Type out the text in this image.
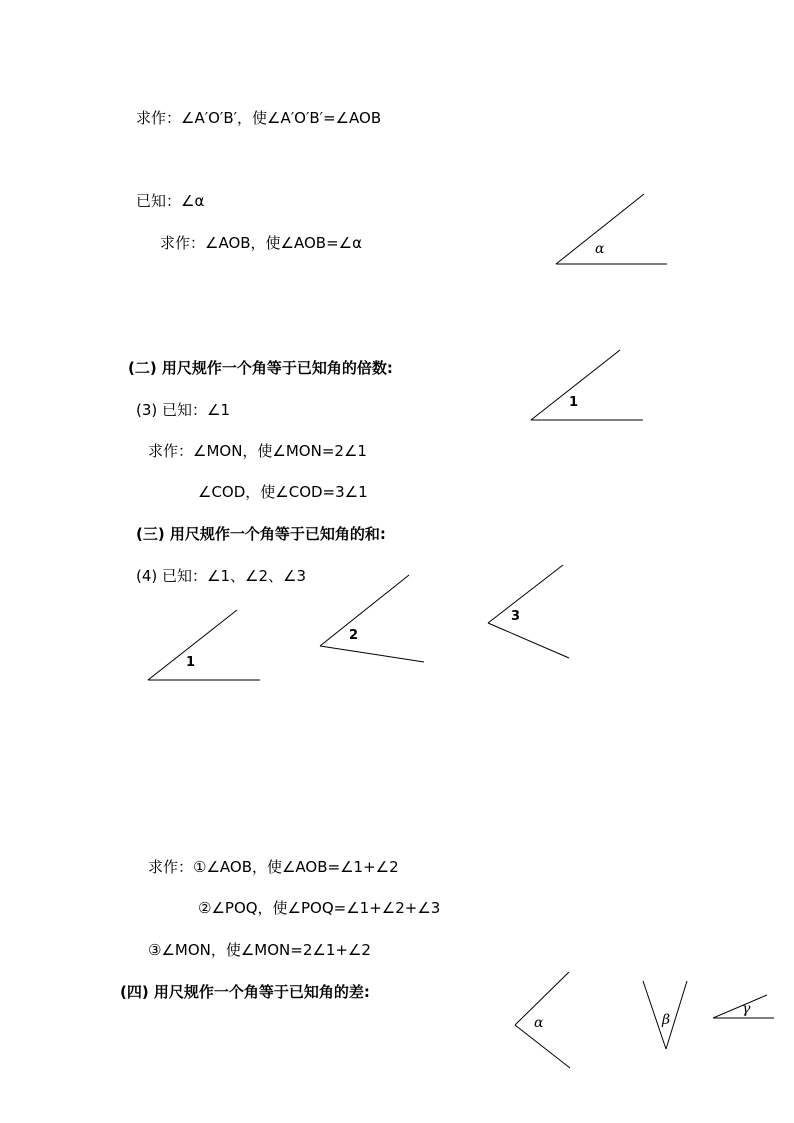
求作：∠A′O′B′，使∠A′O′B′=∠AOB
已知：∠α
求作：∠AOB，使∠AOB=∠α
(二) 用尺规作一个角等于已知角的倍数:
(3) 已知：∠1
求作：∠MON，使∠MON=2∠1
∠COD，使∠COD=3∠1
(三) 用尺规作一个角等于已知角的和:
(4) 已知：∠1、∠2、∠3
求作：①∠AOB，使∠AOB=∠1+∠2
②∠POQ，使∠POQ=∠1+∠2+∠3
③∠MON，使∠MON=2∠1+∠2
(四) 用尺规作一个角等于已知角的差:
α
1
1
2
3
α	β
γ
